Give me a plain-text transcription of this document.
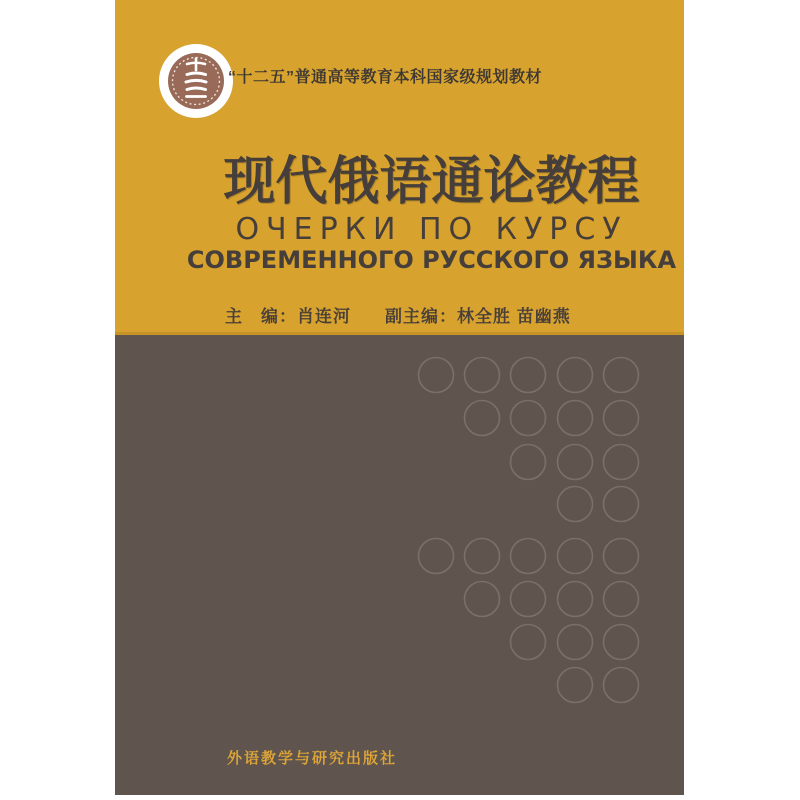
“十二五”普通高等教育本科国家级规划教材
现代俄语通论教程
ОЧЕРКИ ПО КУРСУ
СОВРЕМЕННОГО РУССКОГО ЯЗЫКА
主　编：肖连河 副主编：林全胜 苗幽燕
外语教学与研究出版社
